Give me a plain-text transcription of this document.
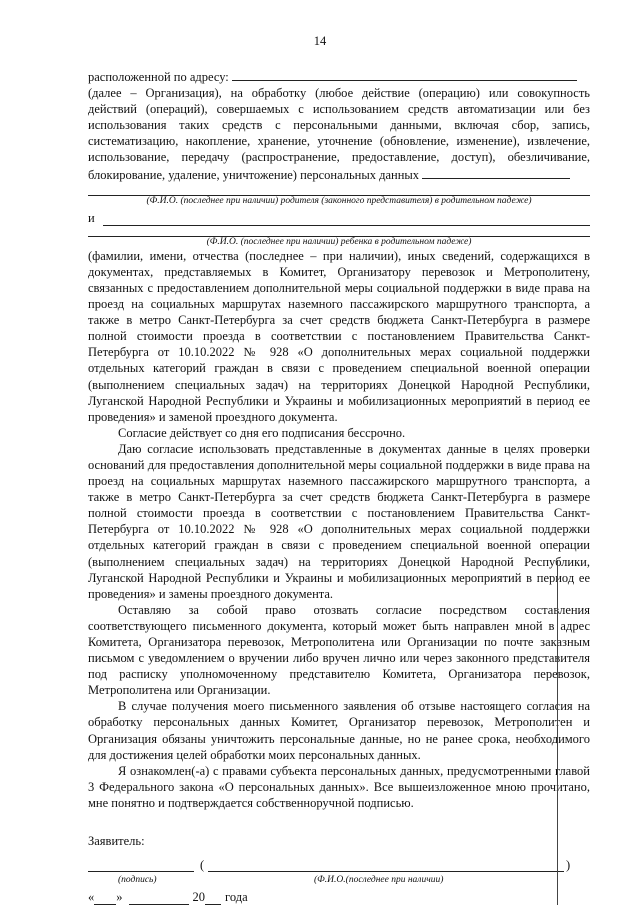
14

расположенной по адресу:

(далее – Организация), на обработку (любое действие (операцию) или совокупность действий (операций), совершаемых с использованием средств автоматизации или без использования таких средств с персональными данными, включая сбор, запись, систематизацию, накопление, хранение, уточнение (обновление, изменение), извлечение, использование, передачу (распространение, предоставление, доступ), обезличивание, блокирование, удаление, уничтожение) персональных данных

(Ф.И.О. (последнее при наличии) родителя (законного представителя) в родительном падеже)

и

(Ф.И.О. (последнее при наличии) ребенка в родительном падеже)

(фамилии, имени, отчества (последнее – при наличии), иных сведений, содержащихся в документах, представляемых в Комитет, Организатору перевозок и Метрополитену, связанных с предоставлением дополнительной меры социальной поддержки в виде права на проезд на социальных маршрутах наземного пассажирского маршрутного транспорта, а также в метро Санкт-Петербурга за счет средств бюджета Санкт-Петербурга в размере полной стоимости проезда в соответствии с постановлением Правительства Санкт-Петербурга от 10.10.2022 № 928 «О дополнительных мерах социальной поддержки отдельных категорий граждан в связи с проведением специальной военной операции (выполнением специальных задач) на территориях Донецкой Народной Республики, Луганской Народной Республики и Украины и мобилизационных мероприятий в период ее проведения» и заменой проездного документа.

Согласие действует со дня его подписания бессрочно.

Даю согласие использовать представленные в документах данные в целях проверки оснований для предоставления дополнительной меры социальной поддержки в виде права на проезд на социальных маршрутах наземного пассажирского маршрутного транспорта, а также в метро Санкт-Петербурга за счет средств бюджета Санкт-Петербурга в размере полной стоимости проезда в соответствии с постановлением Правительства Санкт-Петербурга от 10.10.2022 № 928 «О дополнительных мерах социальной поддержки отдельных категорий граждан в связи с проведением специальной военной операции (выполнением специальных задач) на территориях Донецкой Народной Республики, Луганской Народной Республики и Украины и мобилизационных мероприятий в период ее проведения» и замены проездного документа.

Оставляю за собой право отозвать согласие посредством составления соответствующего письменного документа, который может быть направлен мной в адрес Комитета, Организатора перевозок, Метрополитена или Организации по почте заказным письмом с уведомлением о вручении либо вручен лично или через законного представителя под расписку уполномоченному представителю Комитета, Организатора перевозок, Метрополитена или Организации.

В случае получения моего письменного заявления об отзыве настоящего согласия на обработку персональных данных Комитет, Организатор перевозок, Метрополитен и Организация обязаны уничтожить персональные данные, но не ранее срока, необходимого для достижения целей обработки моих персональных данных.

Я ознакомлен(-а) с правами субъекта персональных данных, предусмотренными главой 3 Федерального закона «О персональных данных». Все вышеизложенное мною прочитано, мне понятно и подтверждается собственноручной подписью.

Заявитель:

(	)
(подпись)	(Ф.И.О.(последнее при наличии)
« »	20 года
